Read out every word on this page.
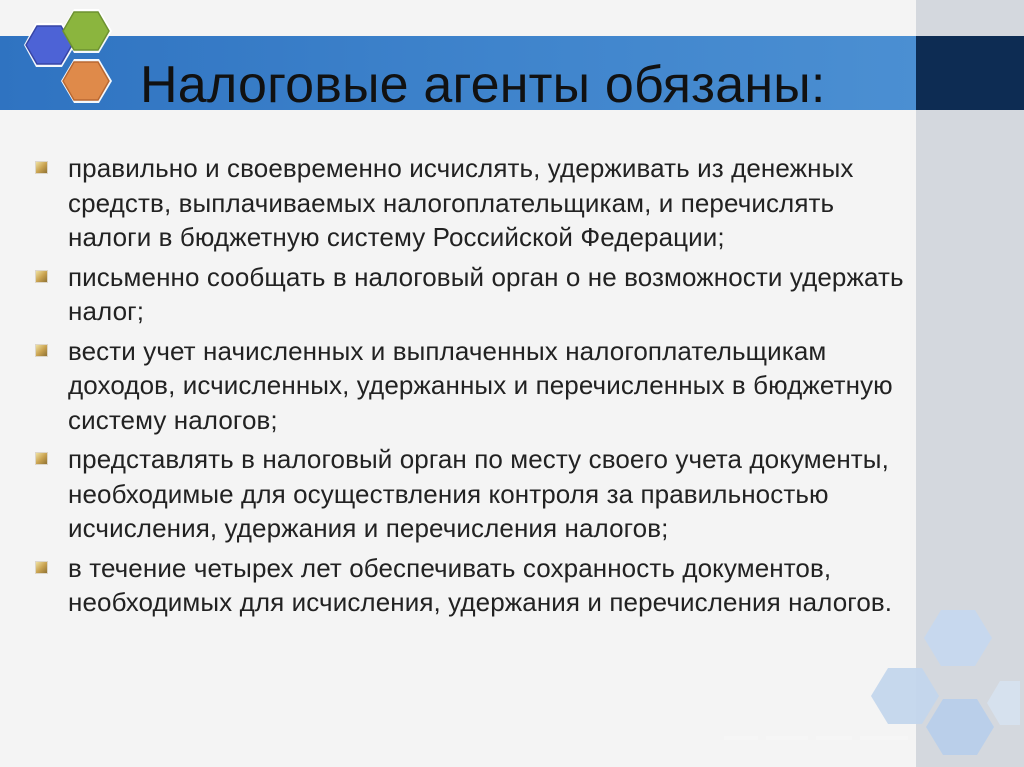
Налоговые агенты обязаны:
правильно и своевременно исчислять, удерживать из денежных средств, выплачиваемых налогоплательщикам, и перечислять налоги в бюджетную систему Российской Федерации;
письменно сообщать в налоговый орган о не возможности удержать налог;
вести учет начисленных и выплаченных налогоплательщикам доходов, исчисленных, удержанных и перечисленных в бюджетную систему налогов;
представлять в налоговый орган по месту своего учета документы, необходимые для осуществления контроля за правильностью исчисления, удержания и перечисления налогов;
в течение четырех лет обеспечивать сохранность документов, необходимых для исчисления, удержания и перечисления налогов.
